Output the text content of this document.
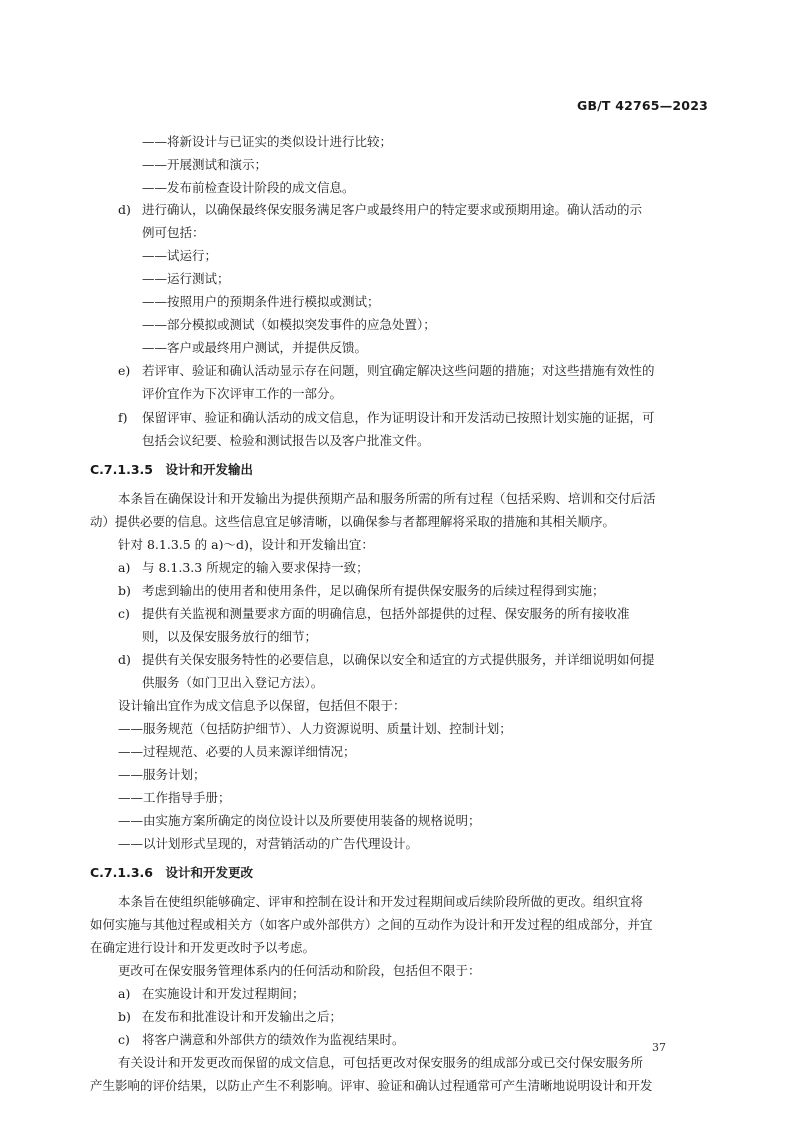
GB/T 42765—2023
——将新设计与已证实的类似设计进行比较；
——开展测试和演示；
——发布前检查设计阶段的成文信息。
d) 进行确认，以确保最终保安服务满足客户或最终用户的特定要求或预期用途。确认活动的示
例可包括：
——试运行；
——运行测试；
——按照用户的预期条件进行模拟或测试；
——部分模拟或测试（如模拟突发事件的应急处置）；
——客户或最终用户测试，并提供反馈。
e) 若评审、验证和确认活动显示存在问题，则宜确定解决这些问题的措施；对这些措施有效性的
评价宜作为下次评审工作的一部分。
f) 保留评审、验证和确认活动的成文信息，作为证明设计和开发活动已按照计划实施的证据，可
包括会议纪要、检验和测试报告以及客户批准文件。
C.7.1.3.5　设计和开发输出
本条旨在确保设计和开发输出为提供预期产品和服务所需的所有过程（包括采购、培训和交付后活
动）提供必要的信息。这些信息宜足够清晰，以确保参与者都理解将采取的措施和其相关顺序。
针对 8.1.3.5 的 a)～d)，设计和开发输出宜：
a) 与 8.1.3.3 所规定的输入要求保持一致；
b) 考虑到输出的使用者和使用条件，足以确保所有提供保安服务的后续过程得到实施；
c) 提供有关监视和测量要求方面的明确信息，包括外部提供的过程、保安服务的所有接收准
则，以及保安服务放行的细节；
d) 提供有关保安服务特性的必要信息，以确保以安全和适宜的方式提供服务，并详细说明如何提
供服务（如门卫出入登记方法）。
设计输出宜作为成文信息予以保留，包括但不限于：
——服务规范（包括防护细节）、人力资源说明、质量计划、控制计划；
——过程规范、必要的人员来源详细情况；
——服务计划；
——工作指导手册；
——由实施方案所确定的岗位设计以及所要使用装备的规格说明；
——以计划形式呈现的，对营销活动的广告代理设计。
C.7.1.3.6　设计和开发更改
本条旨在使组织能够确定、评审和控制在设计和开发过程期间或后续阶段所做的更改。组织宜将
如何实施与其他过程或相关方（如客户或外部供方）之间的互动作为设计和开发过程的组成部分，并宜
在确定进行设计和开发更改时予以考虑。
更改可在保安服务管理体系内的任何活动和阶段，包括但不限于：
a) 在实施设计和开发过程期间；
b) 在发布和批准设计和开发输出之后；
c) 将客户满意和外部供方的绩效作为监视结果时。
有关设计和开发更改而保留的成文信息，可包括更改对保安服务的组成部分或已交付保安服务所
产生影响的评价结果，以防止产生不利影响。评审、验证和确认过程通常可产生清晰地说明设计和开发
37
